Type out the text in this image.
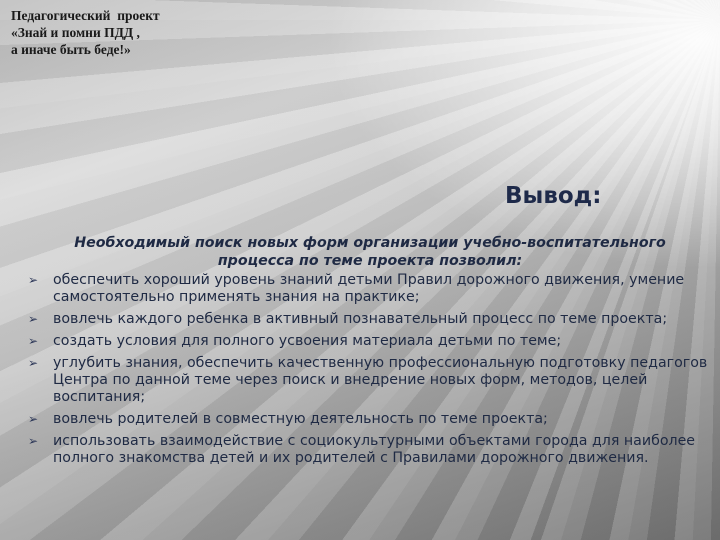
Педагогический  проект
«Знай и помни ПДД ,
а иначе быть беде!»
Вывод:
Необходимый поиск новых форм организации учебно-воспитательного
процесса по теме проекта позволил:
➢ обеспечить хороший уровень знаний детьми Правил дорожного движения, умение самостоятельно применять знания на практике;
➢ вовлечь каждого ребенка в активный познавательный процесс по теме проекта;
➢ создать условия для полного усвоения материала детьми по теме;
➢ углубить знания, обеспечить качественную профессиональную подготовку педагогов Центра по данной теме через поиск и внедрение новых форм, методов, целей воспитания;
➢ вовлечь родителей в совместную деятельность по теме проекта;
➢ использовать взаимодействие с социокультурными объектами города для наиболее полного знакомства детей и их родителей с Правилами дорожного движения.
